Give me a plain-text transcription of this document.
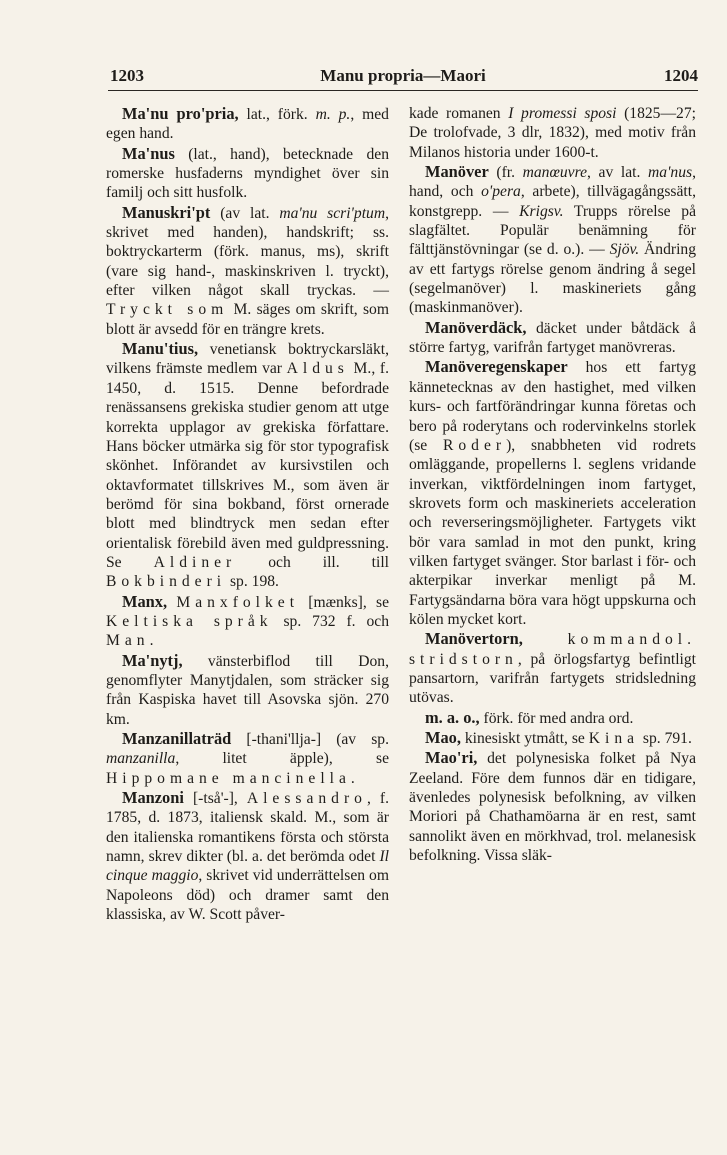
1203	Manu propria—Maori	1204

Ma'nu pro'pria, lat., förk. m. p., med egen hand.

Ma'nus (lat., hand), betecknade den romerske husfaderns myndighet över sin familj och sitt husfolk.

Manuskri'pt (av lat. ma'nu scri'ptum, skrivet med handen), handskrift; ss. boktryckarterm (förk. manus, ms), skrift (vare sig hand-, maskinskriven l. tryckt), efter vilken något skall tryckas. — Tryckt som M. säges om skrift, som blott är avsedd för en trängre krets.

Manu'tius, venetiansk boktryckarsläkt, vilkens främste medlem var Aldus M., f. 1450, d. 1515. Denne befordrade renässansens grekiska studier genom att utge korrekta upplagor av grekiska författare. Hans böcker utmärka sig för stor typografisk skönhet. Införandet av kursivstilen och oktavformatet tillskrives M., som även är berömd för sina bokband, först ornerade blott med blindtryck men sedan efter orientalisk förebild även med guldpressning. Se Aldiner och ill. till Bokbinderi sp. 198.

Manx, Manxfolket [mænks], se Keltiska språk sp. 732 f. och Man.

Ma'nytj, vänsterbiflod till Don, genomflyter Manytjdalen, som sträcker sig från Kaspiska havet till Asovska sjön. 270 km.

Manzanillaträd [-thani'llja-] (av sp. manzanilla, litet äpple), se Hippomane mancinella.

Manzoni [-tså'-], Alessandro, f. 1785, d. 1873, italiensk skald. M., som är den italienska romantikens första och största namn, skrev dikter (bl. a. det berömda odet Il cinque maggio, skrivet vid underrättelsen om Napoleons död) och dramer samt den klassiska, av W. Scott påver-

kade romanen I promessi sposi (1825—27; De trolofvade, 3 dlr, 1832), med motiv från Milanos historia under 1600-t.

Manöver (fr. manœuvre, av lat. ma'nus, hand, och o'pera, arbete), tillvägagångssätt, konstgrepp. — Krigsv. Trupps rörelse på slagfältet. Populär benämning för fälttjänstövningar (se d. o.). — Sjöv. Ändring av ett fartygs rörelse genom ändring å segel (segelmanöver) l. maskineriets gång (maskinmanöver).

Manöverdäck, däcket under båtdäck å större fartyg, varifrån fartyget manövreras.

Manöveregenskaper hos ett fartyg kännetecknas av den hastighet, med vilken kurs- och fartförändringar kunna företas och bero på roderytans och rodervinkelns storlek (se Roder), snabbheten vid rodrets omläggande, propellerns l. seglens vridande inverkan, viktfördelningen inom fartyget, skrovets form och maskineriets acceleration och reverseringsmöjligheter. Fartygets vikt bör vara samlad in mot den punkt, kring vilken fartyget svänger. Stor barlast i för- och akterpikar inverkar menligt på M. Fartygsändarna böra vara högt uppskurna och kölen mycket kort.

Manövertorn,	kommandol. stridstorn, på örlogsfartyg befintligt pansartorn, varifrån fartygets stridsledning utövas.

m. a. o., förk. för med andra ord.

Mao, kinesiskt ytmått, se Kina sp. 791.

Mao'ri, det polynesiska folket på Nya Zeeland. Före dem funnos där en tidigare, ävenledes polynesisk befolkning, av vilken Moriori på Chathamöarna är en rest, samt sannolikt även en mörkhvad, trol. melanesisk befolkning. Vissa släk-
